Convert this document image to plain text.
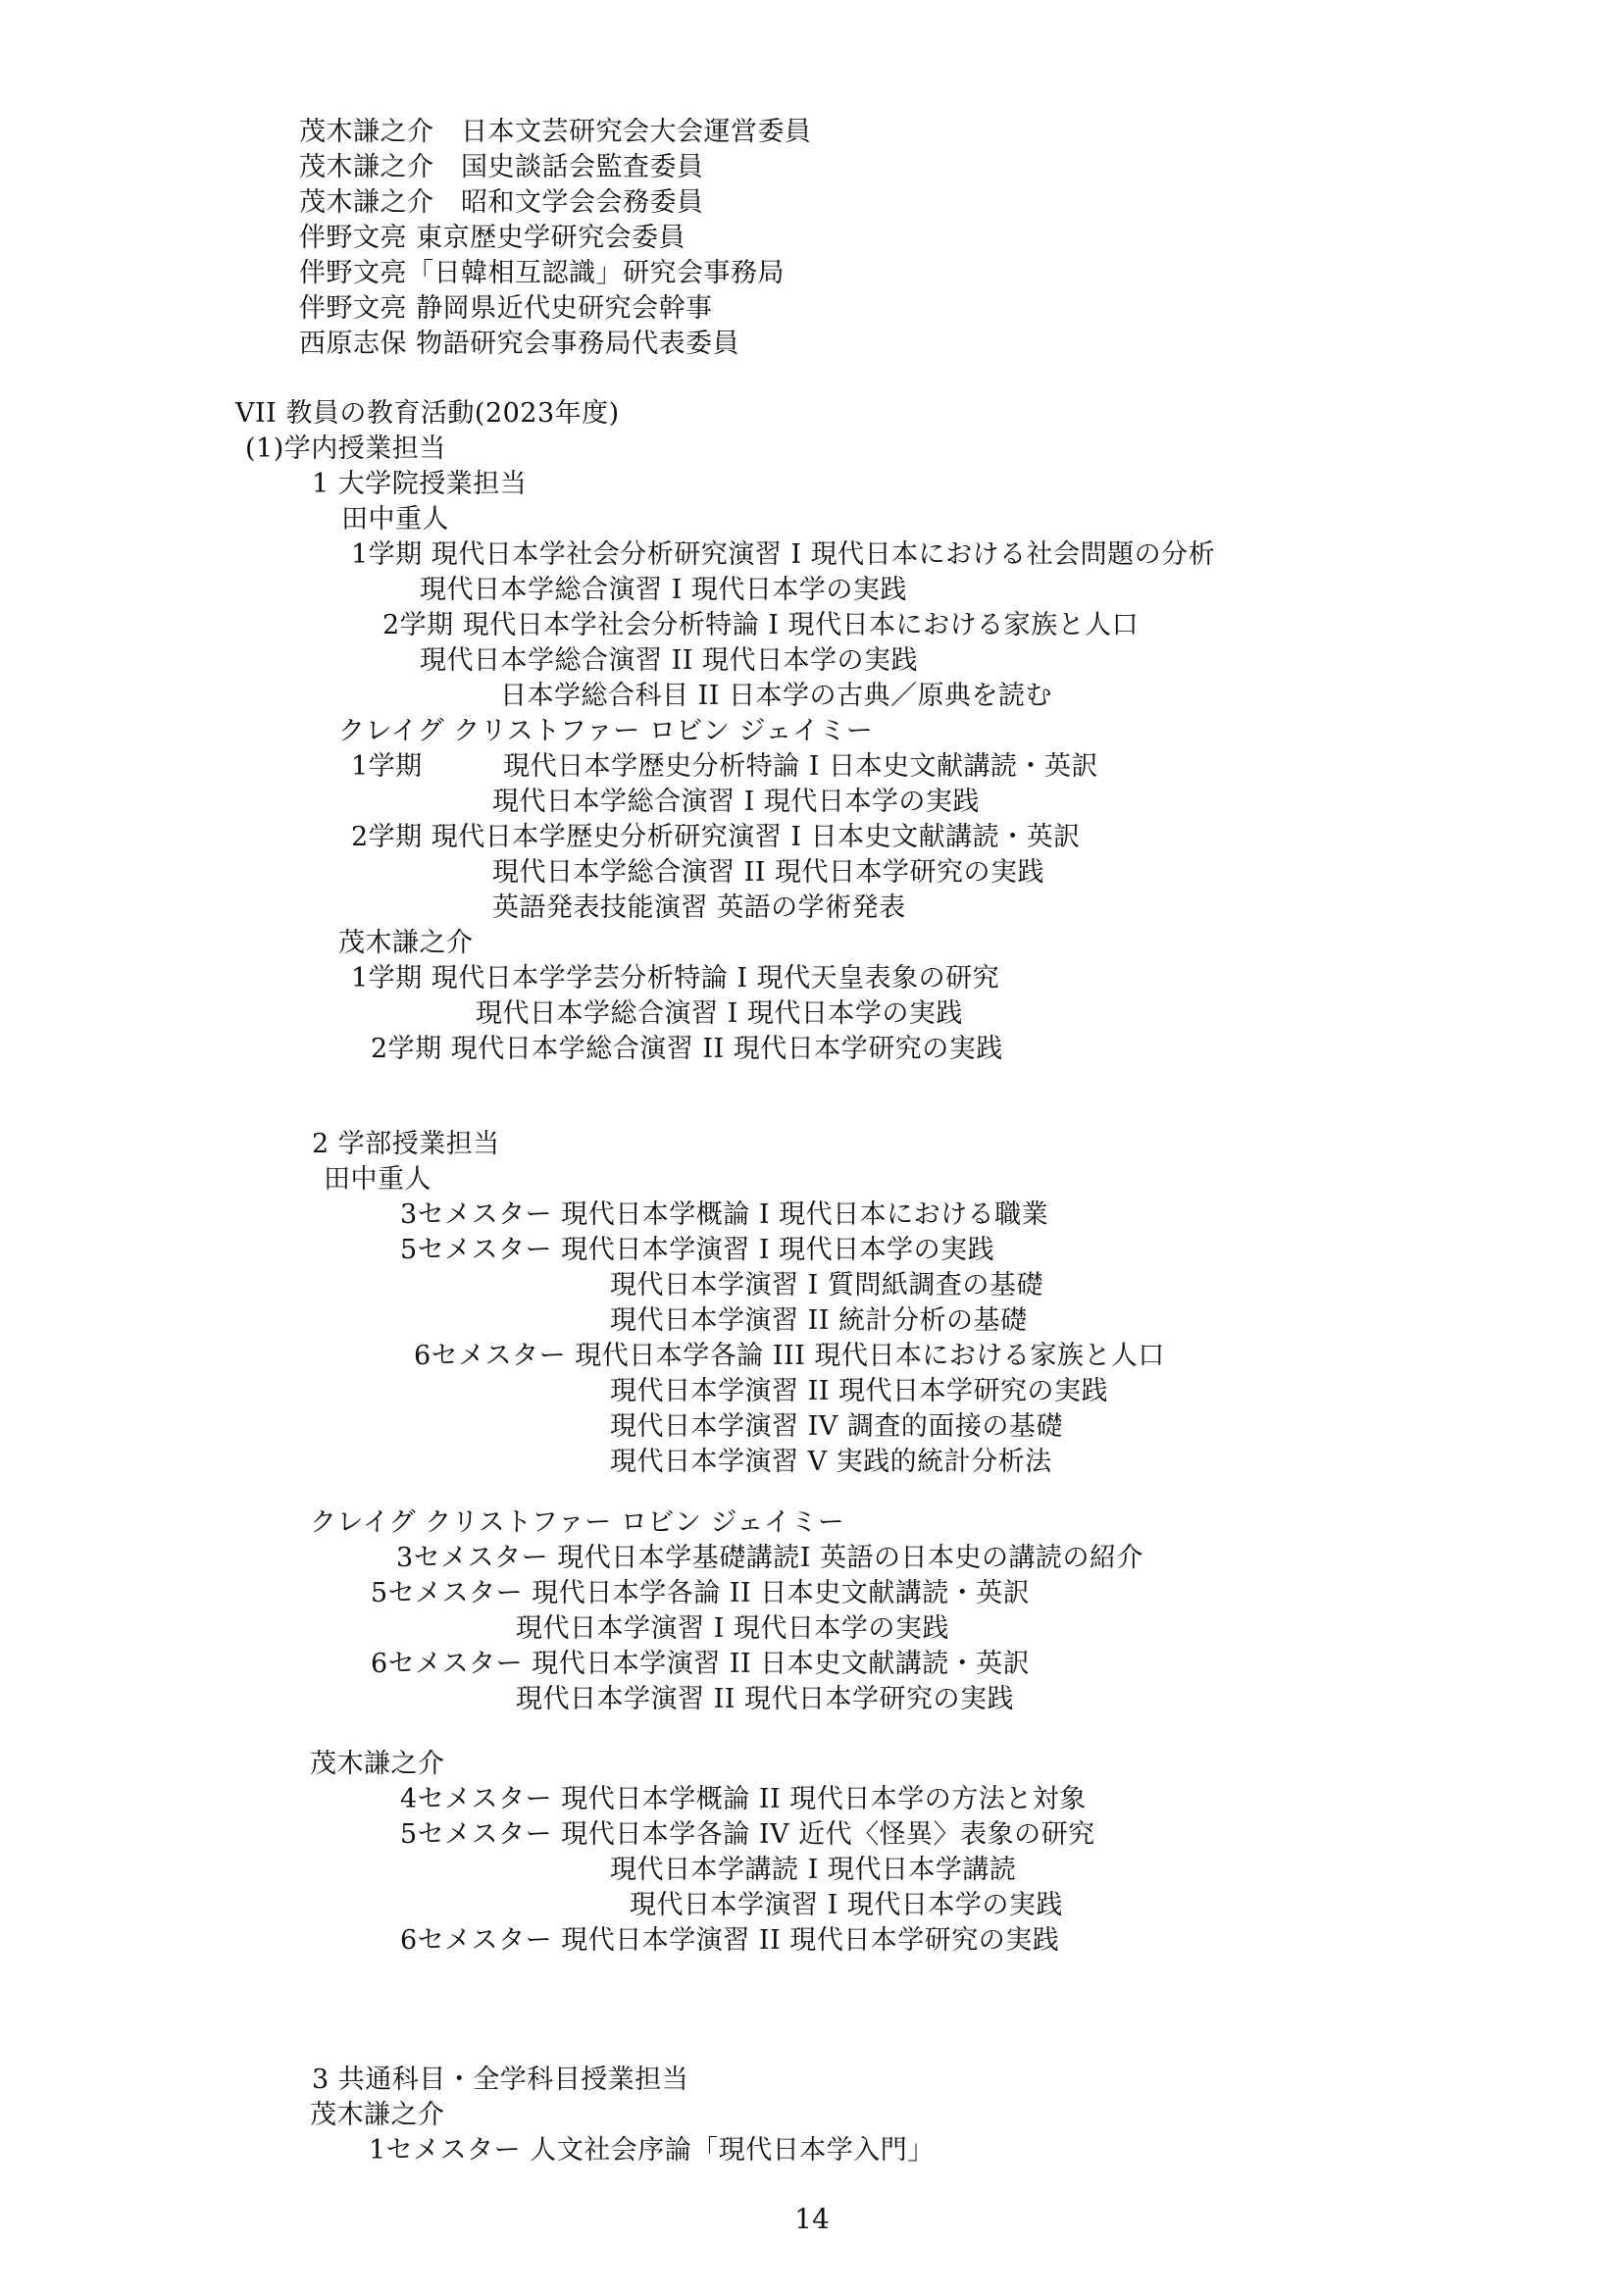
茂木謙之介　日本文芸研究会大会運営委員
茂木謙之介　国史談話会監査委員
茂木謙之介　昭和文学会会務委員
伴野文亮 東京歴史学研究会委員
伴野文亮「日韓相互認識」研究会事務局
伴野文亮 静岡県近代史研究会幹事
西原志保 物語研究会事務局代表委員
VII 教員の教育活動(2023年度)
(1)学内授業担当
1 大学院授業担当
田中重人
1学期 現代日本学社会分析研究演習 I 現代日本における社会問題の分析
現代日本学総合演習 I 現代日本学の実践
2学期 現代日本学社会分析特論 I 現代日本における家族と人口
現代日本学総合演習 II 現代日本学の実践
日本学総合科目 II 日本学の古典／原典を読む
クレイグ クリストファー ロビン ジェイミー
1学期　　　現代日本学歴史分析特論 I 日本史文献講読・英訳
現代日本学総合演習 I 現代日本学の実践
2学期 現代日本学歴史分析研究演習 I 日本史文献講読・英訳
現代日本学総合演習 II 現代日本学研究の実践
英語発表技能演習 英語の学術発表
茂木謙之介
1学期 現代日本学学芸分析特論 I 現代天皇表象の研究
現代日本学総合演習 I 現代日本学の実践
2学期 現代日本学総合演習 II 現代日本学研究の実践
2 学部授業担当
田中重人
3セメスター 現代日本学概論 I 現代日本における職業
5セメスター 現代日本学演習 I 現代日本学の実践
現代日本学演習 I 質問紙調査の基礎
現代日本学演習 II 統計分析の基礎
6セメスター 現代日本学各論 III 現代日本における家族と人口
現代日本学演習 II 現代日本学研究の実践
現代日本学演習 IV 調査的面接の基礎
現代日本学演習 V 実践的統計分析法
クレイグ クリストファー ロビン ジェイミー
3セメスター 現代日本学基礎講読I 英語の日本史の講読の紹介
5セメスター 現代日本学各論 II 日本史文献講読・英訳
現代日本学演習 I 現代日本学の実践
6セメスター 現代日本学演習 II 日本史文献講読・英訳
現代日本学演習 II 現代日本学研究の実践
茂木謙之介
4セメスター 現代日本学概論 II 現代日本学の方法と対象
5セメスター 現代日本学各論 IV 近代〈怪異〉表象の研究
現代日本学講読 I 現代日本学講読
現代日本学演習 I 現代日本学の実践
6セメスター 現代日本学演習 II 現代日本学研究の実践
3 共通科目・全学科目授業担当
茂木謙之介
1セメスター 人文社会序論「現代日本学入門」
14
